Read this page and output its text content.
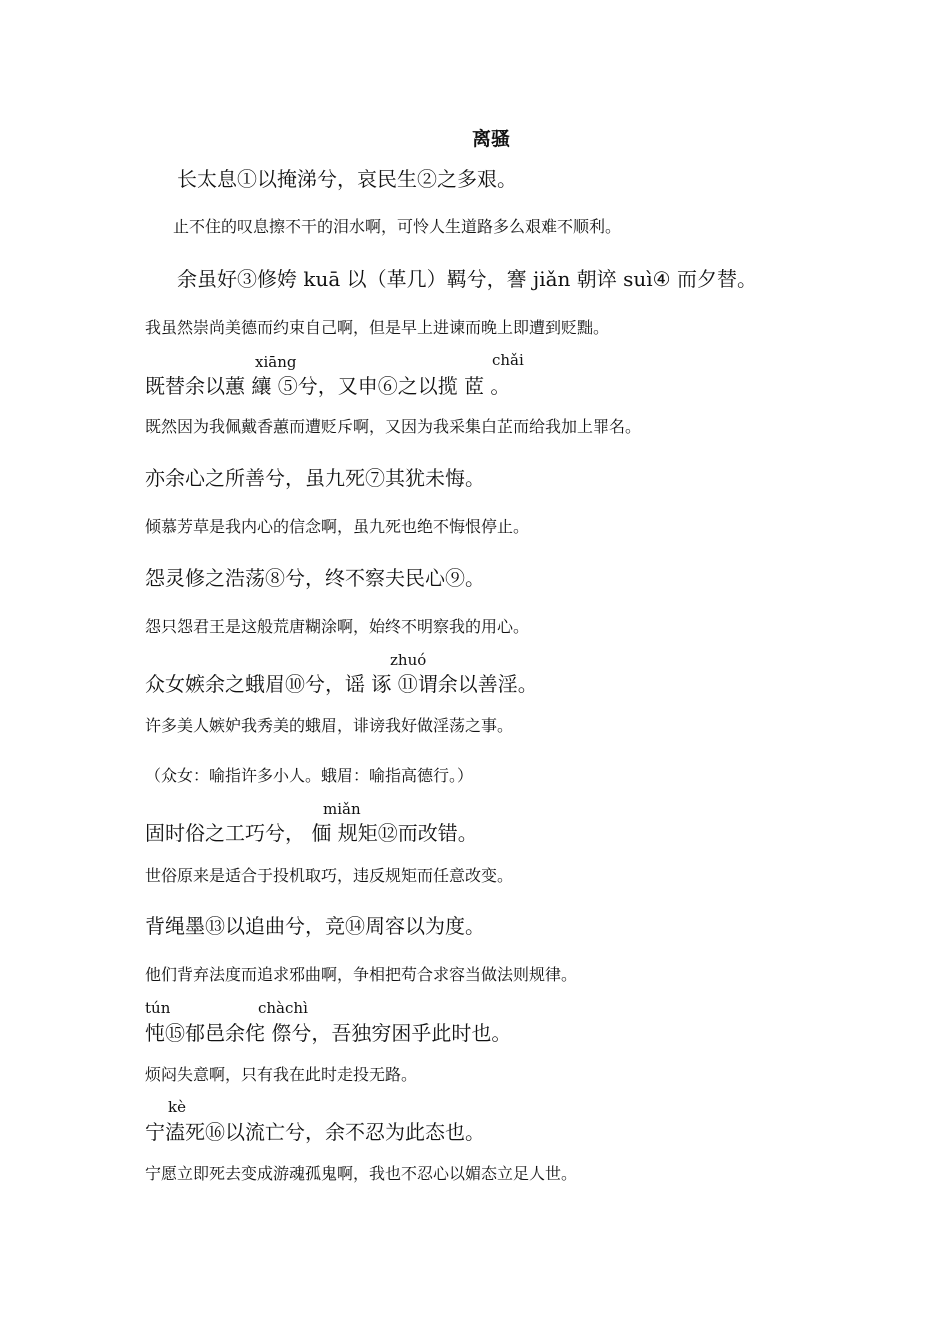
离骚
长太息①以掩涕兮，哀民生②之多艰。
止不住的叹息擦不干的泪水啊，可怜人生道路多么艰难不顺利。
余虽好③修姱 kuā 以（革几）羁兮，謇 jiǎn 朝谇 suì④ 而夕替。
我虽然崇尚美德而约束自己啊，但是早上进谏而晚上即遭到贬黜。
xiāng	chǎi
既替余以蕙 纕 ⑤兮，又申⑥之以揽 茝 。
既然因为我佩戴香蕙而遭贬斥啊，又因为我采集白芷而给我加上罪名。
亦余心之所善兮，虽九死⑦其犹未悔。
倾慕芳草是我内心的信念啊，虽九死也绝不悔恨停止。
怨灵修之浩荡⑧兮，终不察夫民心⑨。
怨只怨君王是这般荒唐糊涂啊，始终不明察我的用心。
zhuó
众女嫉余之蛾眉⑩兮，谣 诼 ⑪谓余以善淫。
许多美人嫉妒我秀美的蛾眉，诽谤我好做淫荡之事。
（众女：喻指许多小人。蛾眉：喻指高德行。）
miǎn
固时俗之工巧兮， 偭 规矩⑫而改错。
世俗原来是适合于投机取巧，违反规矩而任意改变。
背绳墨⑬以追曲兮，竞⑭周容以为度。
他们背弃法度而追求邪曲啊，争相把苟合求容当做法则规律。
tún	chàchì
忳⑮郁邑余侘 傺兮，吾独穷困乎此时也。
烦闷失意啊，只有我在此时走投无路。
kè
宁溘死⑯以流亡兮，余不忍为此态也。
宁愿立即死去变成游魂孤鬼啊，我也不忍心以媚态立足人世。
